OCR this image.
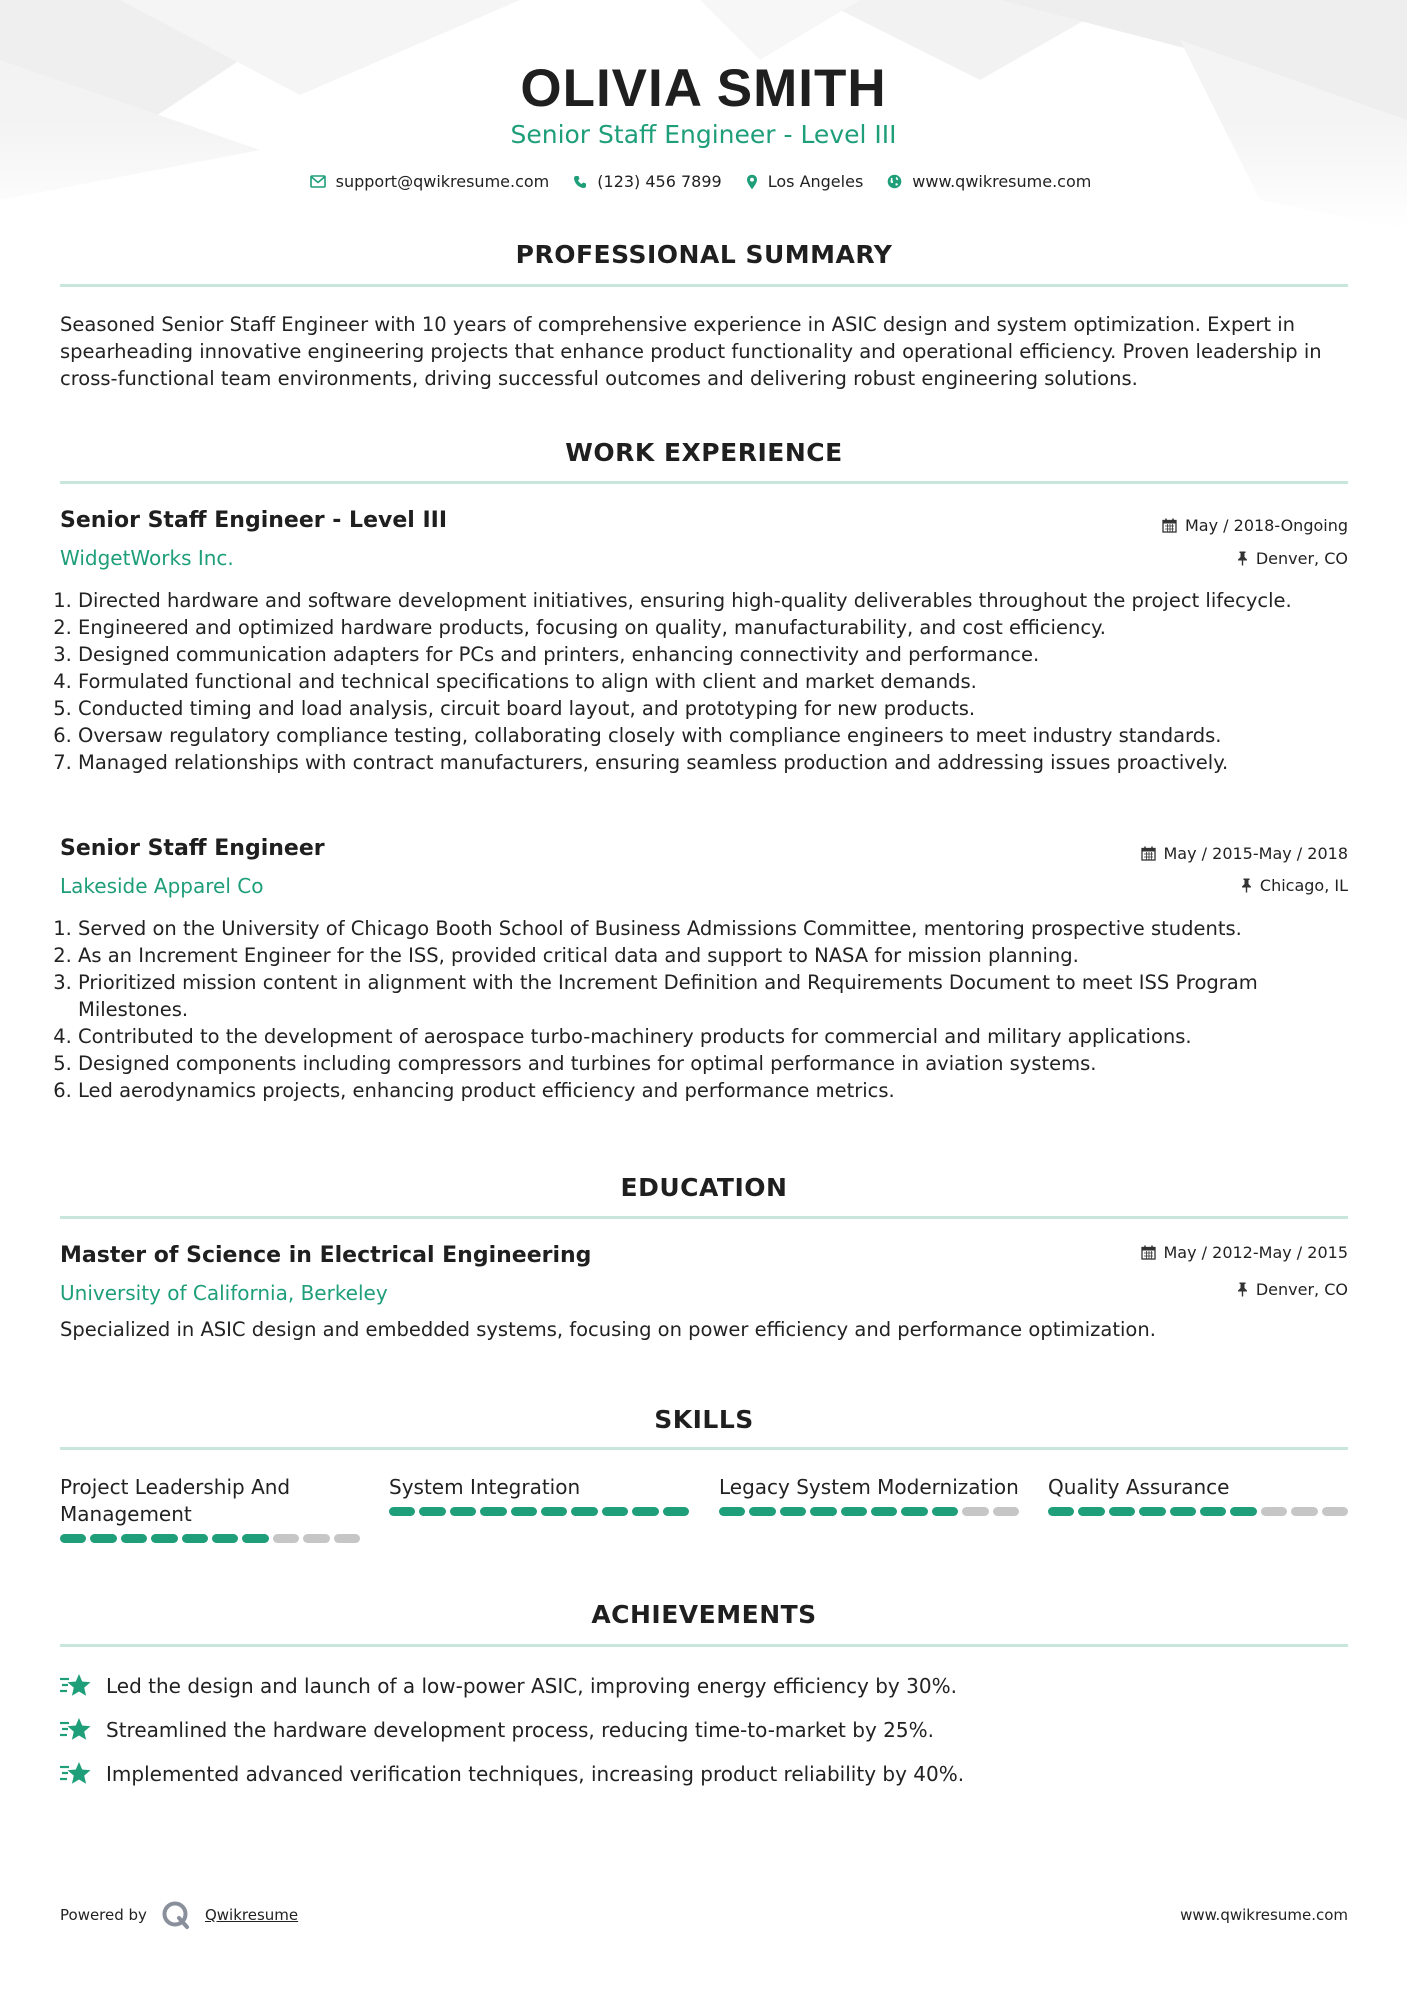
OLIVIA SMITH
Senior Staff Engineer - Level III
support@qwikresume.com	(123) 456 7899	Los Angeles	www.qwikresume.com
PROFESSIONAL SUMMARY

Seasoned Senior Staff Engineer with 10 years of comprehensive experience in ASIC design and system optimization. Expert in spearheading innovative engineering projects that enhance product functionality and operational efficiency. Proven leadership in cross-functional team environments, driving successful outcomes and delivering robust engineering solutions.

WORK EXPERIENCE
Senior Staff Engineer - Level III	May / 2018-Ongoing
WidgetWorks Inc.	Denver, CO
1. Directed hardware and software development initiatives, ensuring high-quality deliverables throughout the project lifecycle.
2. Engineered and optimized hardware products, focusing on quality, manufacturability, and cost efficiency.
3. Designed communication adapters for PCs and printers, enhancing connectivity and performance.
4. Formulated functional and technical specifications to align with client and market demands.
5. Conducted timing and load analysis, circuit board layout, and prototyping for new products.
6. Oversaw regulatory compliance testing, collaborating closely with compliance engineers to meet industry standards.
7. Managed relationships with contract manufacturers, ensuring seamless production and addressing issues proactively.
Senior Staff Engineer	May / 2015-May / 2018
Lakeside Apparel Co	Chicago, IL
1. Served on the University of Chicago Booth School of Business Admissions Committee, mentoring prospective students.
2. As an Increment Engineer for the ISS, provided critical data and support to NASA for mission planning.
3. Prioritized mission content in alignment with the Increment Definition and Requirements Document to meet ISS Program Milestones.
4. Contributed to the development of aerospace turbo-machinery products for commercial and military applications.
5. Designed components including compressors and turbines for optimal performance in aviation systems.
6. Led aerodynamics projects, enhancing product efficiency and performance metrics.
EDUCATION
Master of Science in Electrical Engineering	May / 2012-May / 2015
University of California, Berkeley	Denver, CO

Specialized in ASIC design and embedded systems, focusing on power efficiency and performance optimization.

SKILLS
Project Leadership And Management
System Integration	Legacy System Modernization Quality Assurance
ACHIEVEMENTS
Led the design and launch of a low-power ASIC, improving energy efficiency by 30%.
Streamlined the hardware development process, reducing time-to-market by 25%.
Implemented advanced verification techniques, increasing product reliability by 40%.
Powered by	Qwikresume	www.qwikresume.com
